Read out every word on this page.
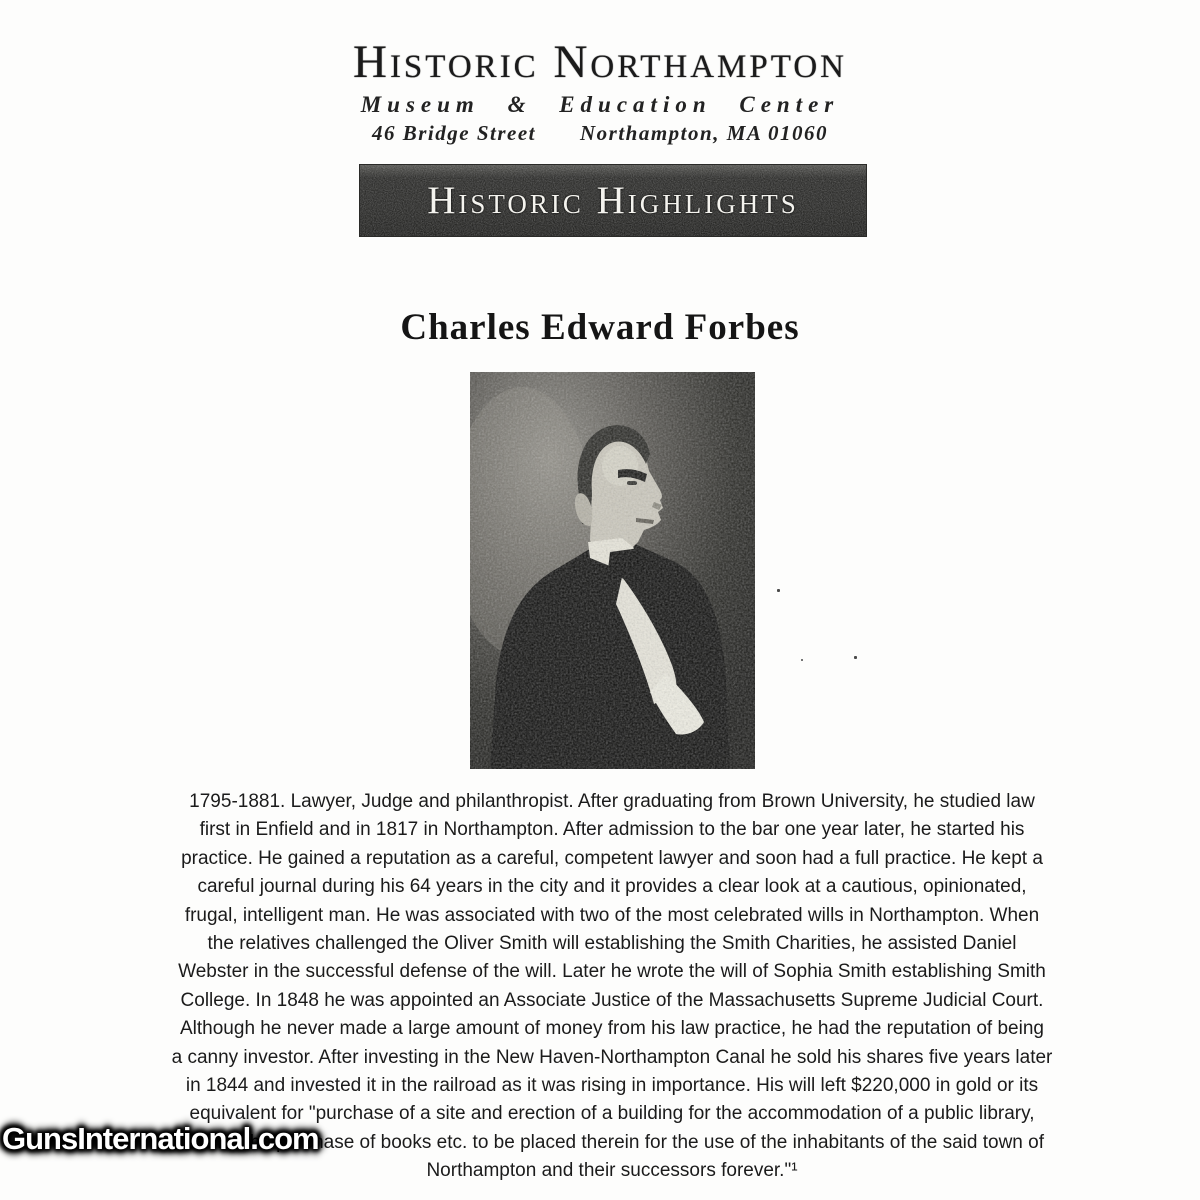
Historic Northampton
Museum & Education Center
46 Bridge Street Northampton, MA 01060
Historic Highlights
Charles Edward Forbes
1795-1881. Lawyer, Judge and philanthropist. After graduating from Brown University, he studied law
first in Enfield and in 1817 in Northampton. After admission to the bar one year later, he started his
practice. He gained a reputation as a careful, competent lawyer and soon had a full practice. He kept a
careful journal during his 64 years in the city and it provides a clear look at a cautious, opinionated,
frugal, intelligent man. He was associated with two of the most celebrated wills in Northampton. When
the relatives challenged the Oliver Smith will establishing the Smith Charities, he assisted Daniel
Webster in the successful defense of the will. Later he wrote the will of Sophia Smith establishing Smith
College. In 1848 he was appointed an Associate Justice of the Massachusetts Supreme Judicial Court.
Although he never made a large amount of money from his law practice, he had the reputation of being
a canny investor. After investing in the New Haven-Northampton Canal he sold his shares five years later
in 1844 and invested it in the railroad as it was rising in importance. His will left $220,000 in gold or its
equivalent for "purchase of a site and erection of a building for the accommodation of a public library,
and for the purchase of books etc. to be placed therein for the use of the inhabitants of the said town of
Northampton and their successors forever."¹
GunsInternational.com
